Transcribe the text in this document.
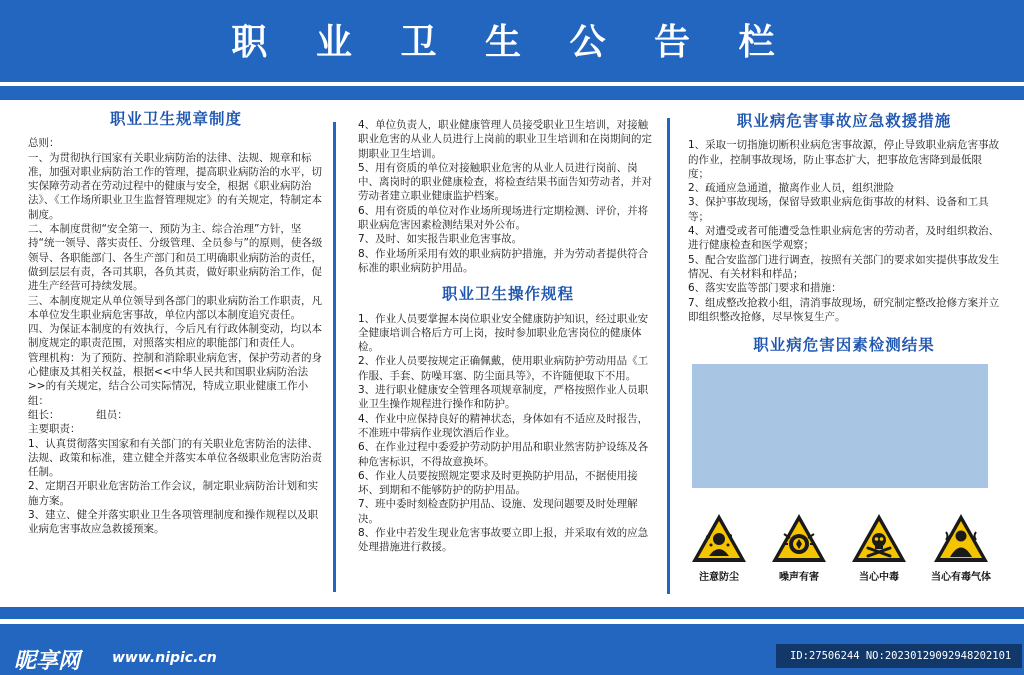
职 业 卫 生 公 告 栏
职业卫生规章制度

总则：

一、为贯彻执行国家有关职业病防治的法律、法规、规章和标准，加强对职业病防治工作的管理，提高职业病防治的水平，切实保障劳动者在劳动过程中的健康与安全，根据《职业病防治法》、《工作场所职业卫生监督管理规定》的有关规定，特制定本制度。

二、本制度贯彻“安全第一、预防为主、综合治理”方针，坚持“统一领导、落实责任、分级管理、全员参与”的原则，使各级领导、各职能部门、各生产部门和员工明确职业病防治的责任，做到层层有责，各司其职，各负其责，做好职业病防治工作，促进生产经营可持续发展。

三、本制度规定从单位领导到各部门的职业病防治工作职责，凡本单位发生职业病危害事故，单位内部以本制度追究责任。

四、为保证本制度的有效执行，今后凡有行政体制变动，均以本制度规定的职责范围，对照落实相应的职能部门和责任人。

管理机构：为了预防、控制和消除职业病危害，保护劳动者的身心健康及其相关权益，根据<<中华人民共和国职业病防治法>>的有关规定，结合公司实际情况，特成立职业健康工作小组：

组长：　　　　组员：

主要职责：

1、认真贯彻落实国家和有关部门的有关职业危害防治的法律、法规、政策和标准，建立健全并落实本单位各级职业危害防治责任制。

2、定期召开职业危害防治工作会议，制定职业病防治计划和实施方案。

3、建立、健全并落实职业卫生各项管理制度和操作规程以及职业病危害事故应急救援预案。

4、单位负责人，职业健康管理人员接受职业卫生培训，对接触职业危害的从业人员进行上岗前的职业卫生培训和在岗期间的定期职业卫生培训。

5、用有资质的单位对接触职业危害的从业人员进行岗前、岗中、离岗时的职业健康检查，将检查结果书面告知劳动者，并对劳动者建立职业健康监护档案。

6、用有资质的单位对作业场所现场进行定期检测、评价，并将职业病危害因素检测结果对外公布。

7、及时、如实报告职业危害事故。

8、作业场所采用有效的职业病防护措施，并为劳动者提供符合标准的职业病防护用品。

职业卫生操作规程

1、作业人员要掌握本岗位职业安全健康防护知识，经过职业安全健康培训合格后方可上岗，按时参加职业危害岗位的健康体检。

2、作业人员要按规定正确佩戴，使用职业病防护劳动用品《工作服、手套、防噪耳塞、防尘面具等》，不许随便取下不用。

3、进行职业健康安全管理各项规章制度，严格按照作业人员职业卫生操作规程进行操作和防护。

4、作业中应保持良好的精神状态，身体如有不适应及时报告，不准班中带病作业现饮酒后作业。

6、在作业过程中委爱护劳动防护用品和职业然害防护设练及各种危害标识，不得故意换坏。

6、作业人员要按照规定要求及时更换防护用品，不据使用接坏、到期和不能够防护的防护用品。

7、班中委时刻检查防护用品、设施、发现问题要及时处理解决。

8、作业中若发生现业危害事故要立即上报，并采取有效的应急处理措施进行救援。

职业病危害事故应急救援措施

1、采取一切指施切断积业病危害事故源，停止导致职业病危害事故的作业，控制事故现场，防止事态扩大，把事故危害降到最低限度；

2、疏通应急通道，撤离作业人员，组织泄险

3、保护事故现场，保留导致职业病危街事故的材料、设备和工具等；

4、对遭受或者可能遭受急性职业病危害的劳动者，及时组织救治、进行健康检查和医学观察；

5、配合安监部门进行调查，按照有关部门的要求如实提供事故发生情况、有关材料和样品；

6、落实安监等部门要求和措施：

7、组成整改抢救小组，清消事故现场，研究制定整改抢修方案并立即组织整改抢修，尽早恢复生产。

职业病危害因素检测结果
注意防尘	噪声有害	当心中毒	当心有毒气体
昵享网 www.nipic.cn	ID:27506244 NO:20230129092948202101
